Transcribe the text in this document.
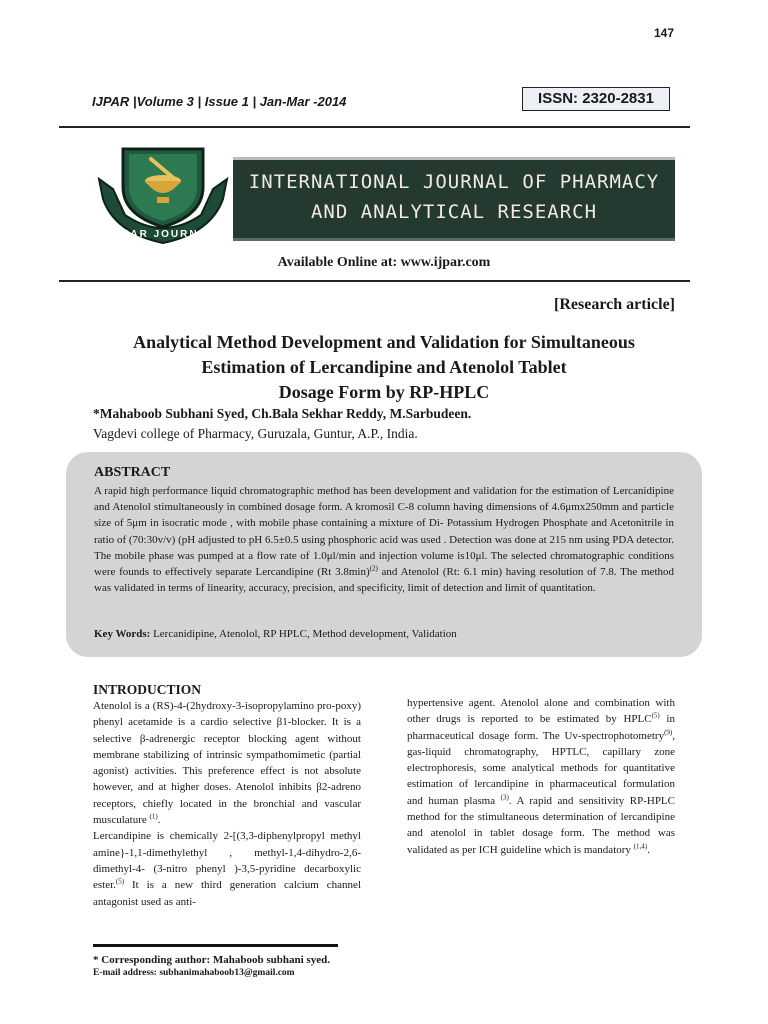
147
IJPAR |Volume 3 | Issue 1 | Jan-Mar -2014	ISSN: 2320-2831
IJPAR JOURNAL
INTERNATIONAL JOURNAL OF PHARMACY
AND ANALYTICAL RESEARCH
Available Online at: www.ijpar.com
[Research article]
Analytical Method Development and Validation for Simultaneous
Estimation of Lercandipine and Atenolol Tablet
Dosage Form by RP-HPLC
*Mahaboob Subhani Syed, Ch.Bala Sekhar Reddy, M.Sarbudeen.
Vagdevi college of Pharmacy, Guruzala, Guntur, A.P., India.
ABSTRACT
A rapid high performance liquid chromatographic method has been development and validation for the estimation of Lercanidipine and Atenolol stimultaneously in combined dosage form. A kromosil C-8 column having dimensions of 4.6μmx250mm and particle size of 5μm in isocratic mode , with mobile phase containing a mixture of Di- Potassium Hydrogen Phosphate and Acetonitrile in ratio of (70:30v/v) (pH adjusted to pH 6.5±0.5 using phosphoric acid was used . Detection was done at 215 nm using PDA detector. The mobile phase was pumped at a flow rate of 1.0μl/min and injection volume is10μl. The selected chromatographic conditions were founds to effectively separate Lercandipine (Rt 3.8min)$^{(2)}$ and Atenolol (Rt: 6.1 min) having resolution of 7.8. The method was validated in terms of linearity, accuracy, precision, and specificity, limit of detection and limit of quantitation.
Key Words: Lercanidipine, Atenolol, RP HPLC, Method development, Validation
INTRODUCTION
Atenolol is a (RS)-4-(2hydroxy-3-isopropylamino pro-poxy) phenyl acetamide is a cardio selective β1-blocker. It is a selective β-adrenergic receptor blocking agent without membrane stabilizing of intrinsic sympathomimetic (partial agonist) activities. This preference effect is not absolute however, and at higher doses. Atenolol inhibits β2-adreno receptors, chiefly located in the bronchial and vascular musculature $^{(1)}$.
Lercandipine is chemically 2-[(3,3-diphenylpropyl methyl amine}-1,1-dimethylethyl , methyl-1,4-dihydro-2,6-dimethyl-4- (3-nitro phenyl )-3,5-pyridine decarboxylic ester.$^{(5)}$ It is a new third generation calcium channel antagonist used as anti-
hypertensive agent. Atenolol alone and combination with other drugs is reported to be estimated by HPLC$^{(5)}$ in pharmaceutical dosage form. The Uv-spectrophotometry$^{(9)}$, gas-liquid chromatography, HPTLC, capillary zone electrophoresis, some analytical methods for quantitative estimation of lercandipine in pharmaceutical formulation and human plasma $^{(3)}$. A rapid and sensitivity RP-HPLC method for the stimultaneous determination of lercandipine and atenolol in tablet dosage form. The method was validated as per ICH guideline which is mandatory $^{(1,4)}$.
* Corresponding author: Mahaboob subhani syed.
E-mail address: subhanimahaboob13@gmail.com
